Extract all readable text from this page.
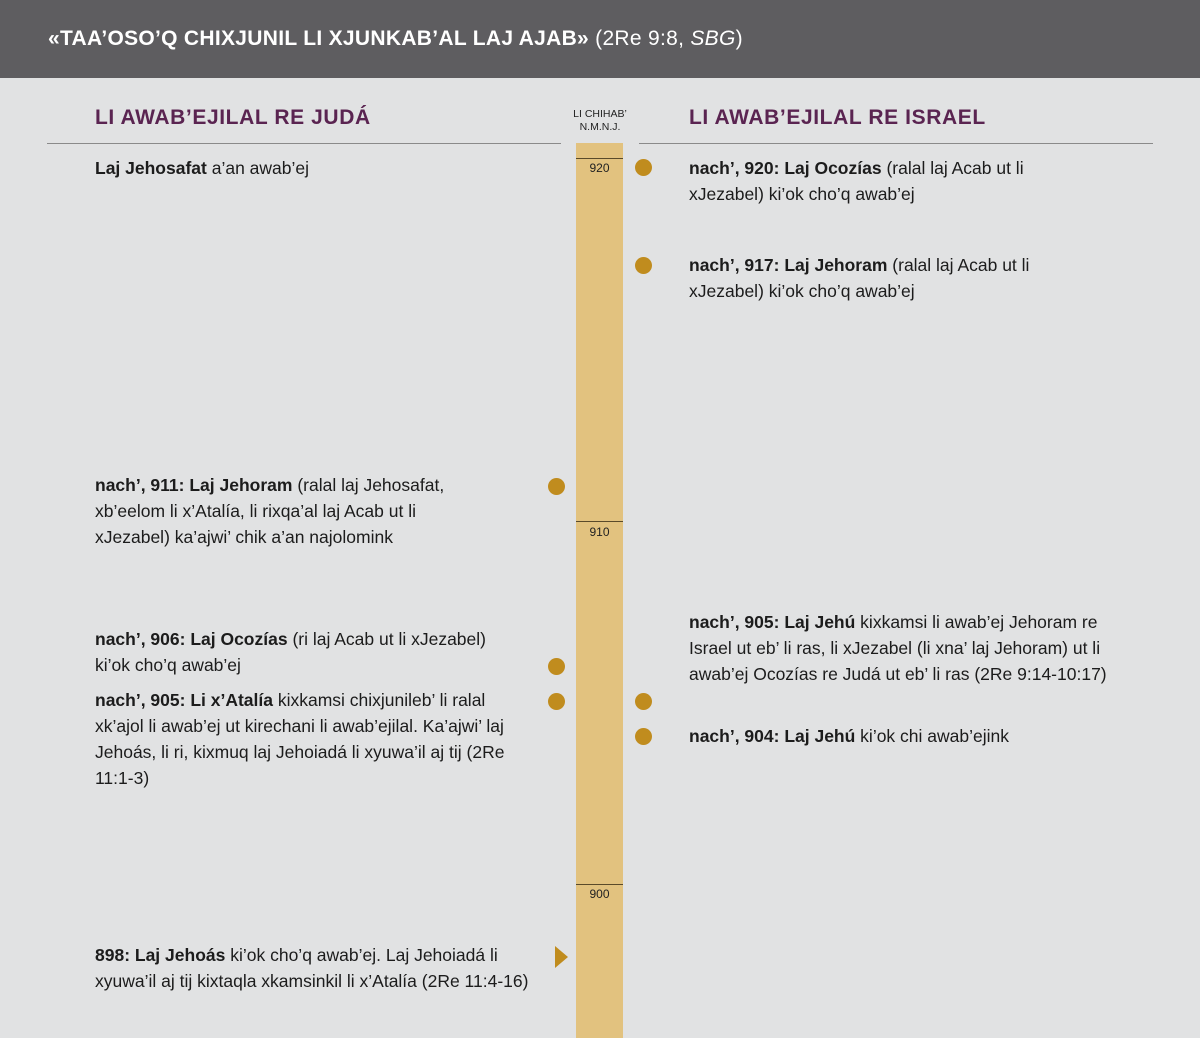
«TAA’OSO’Q CHIXJUNIL LI XJUNKAB’AL LAJ AJAB» (2Re 9:8, SBG)
LI AWAB’EJILAL RE JUDÁ	LI AWAB’EJILAL RE ISRAEL
LI CHIHAB’
N.M.N.J.
920
910
900
Laj Jehosafat a’an awab’ej
nach’, 911: Laj Jehoram (ralal laj Jehosafat, xb’eelom li x’Atalía, li rixqa’al laj Acab ut li xJezabel) ka’ajwi’ chik a’an najolomink
nach’, 906: Laj Ocozías (ri laj Acab ut li xJezabel) ki’ok cho’q awab’ej
nach’, 905: Li x’Atalía kixkamsi chixjunileb’ li ralal xk’ajol li awab’ej ut kirechani li awab’ejilal. Ka’ajwi’ laj Jehoás, li ri, kixmuq laj Jehoiadá li xyuwa’il aj tij (2Re 11:1-3)
898: Laj Jehoás ki’ok cho’q awab’ej. Laj Jehoiadá li xyuwa’il aj tij kixtaqla xkamsinkil li x’Atalía (2Re 11:4-16)
nach’, 920: Laj Ocozías (ralal laj Acab ut li xJezabel) ki’ok cho’q awab’ej
nach’, 917: Laj Jehoram (ralal laj Acab ut li xJezabel) ki’ok cho’q awab’ej
nach’, 905: Laj Jehú kixkamsi li awab’ej Jehoram re Israel ut eb’ li ras, li xJezabel (li xna’ laj Jehoram) ut li awab’ej Ocozías re Judá ut eb’ li ras (2Re 9:14-10:17)
nach’, 904: Laj Jehú ki’ok chi awab’ejink
